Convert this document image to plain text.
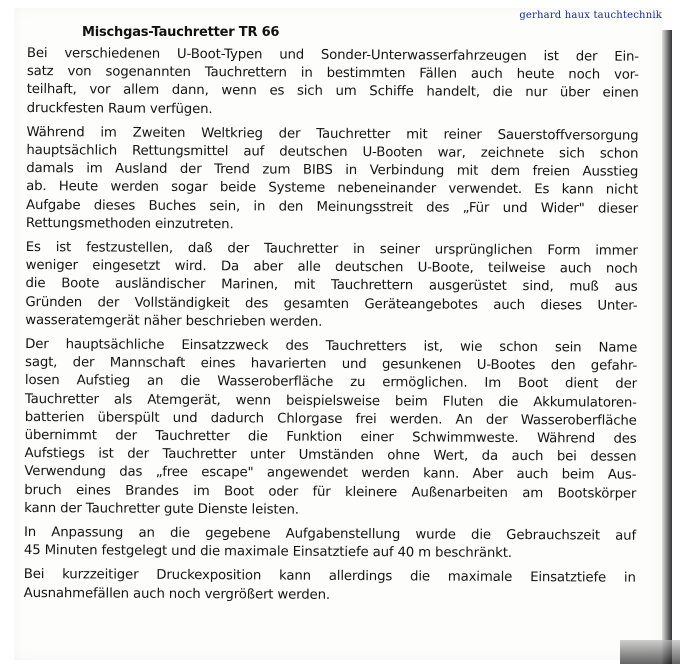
gerhard haux tauchtechnik
Mischgas-Tauchretter TR 66

Bei verschiedenen U-Boot-Typen und Sonder-Unterwasserfahrzeugen ist der Ein-
satz von sogenannten Tauchrettern in bestimmten Fällen auch heute noch vor-
teilhaft, vor allem dann, wenn es sich um Schiffe handelt, die nur über einen
druckfesten Raum verfügen.

Während im Zweiten Weltkrieg der Tauchretter mit reiner Sauerstoffversorgung
hauptsächlich Rettungsmittel auf deutschen U-Booten war, zeichnete sich schon
damals im Ausland der Trend zum BIBS in Verbindung mit dem freien Ausstieg
ab. Heute werden sogar beide Systeme nebeneinander verwendet. Es kann nicht
Aufgabe dieses Buches sein, in den Meinungsstreit des „Für und Wider" dieser
Rettungsmethoden einzutreten.

Es ist festzustellen, daß der Tauchretter in seiner ursprünglichen Form immer
weniger eingesetzt wird. Da aber alle deutschen U-Boote, teilweise auch noch
die Boote ausländischer Marinen, mit Tauchrettern ausgerüstet sind, muß aus
Gründen der Vollständigkeit des gesamten Geräteangebotes auch dieses Unter-
wasseratemgerät näher beschrieben werden.

Der hauptsächliche Einsatzzweck des Tauchretters ist, wie schon sein Name
sagt, der Mannschaft eines havarierten und gesunkenen U-Bootes den gefahr-
losen Aufstieg an die Wasseroberfläche zu ermöglichen. Im Boot dient der
Tauchretter als Atemgerät, wenn beispielsweise beim Fluten die Akkumulatoren-
batterien überspült und dadurch Chlorgase frei werden. An der Wasseroberfläche
übernimmt der Tauchretter die Funktion einer Schwimmweste. Während des
Aufstiegs ist der Tauchretter unter Umständen ohne Wert, da auch bei dessen
Verwendung das „free escape" angewendet werden kann. Aber auch beim Aus-
bruch eines Brandes im Boot oder für kleinere Außenarbeiten am Bootskörper
kann der Tauchretter gute Dienste leisten.

In Anpassung an die gegebene Aufgabenstellung wurde die Gebrauchszeit auf
45 Minuten festgelegt und die maximale Einsatztiefe auf 40 m beschränkt.

Bei kurzzeitiger Druckexposition kann allerdings die maximale Einsatztiefe in
Ausnahmefällen auch noch vergrößert werden.
